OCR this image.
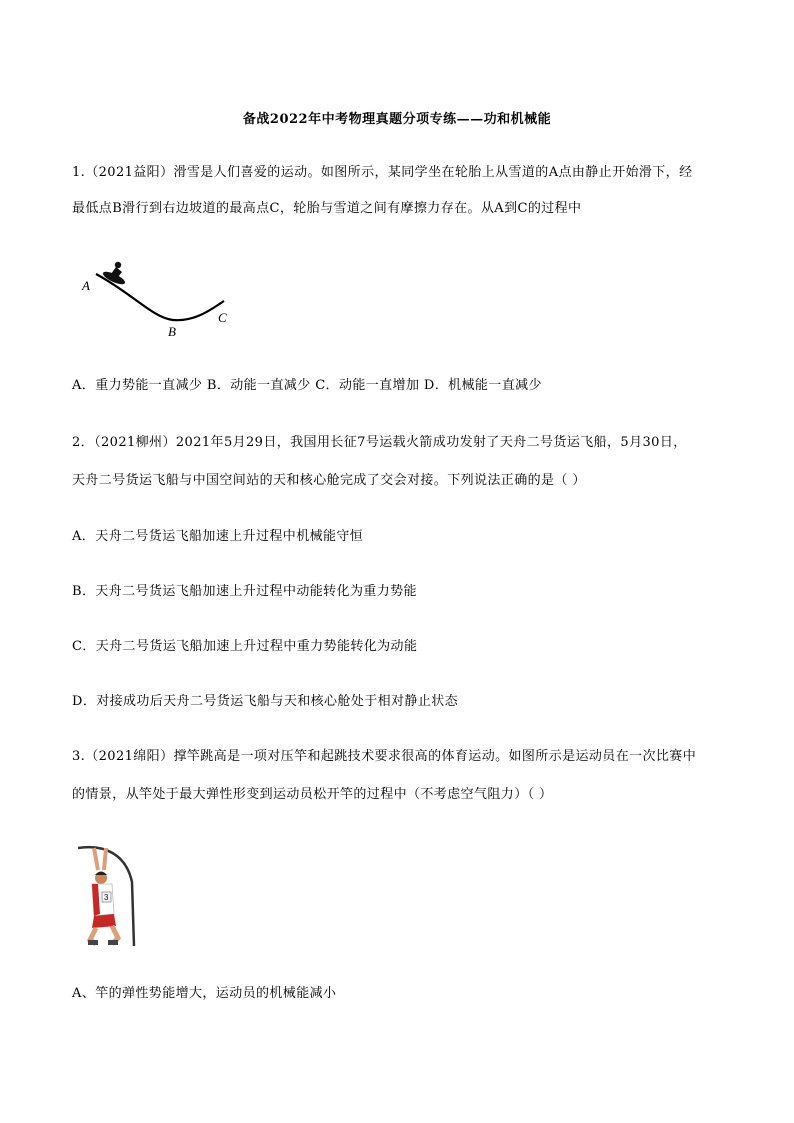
备战2022年中考物理真题分项专练——功和机械能
1.（2021益阳）滑雪是人们喜爱的运动。如图所示，某同学坐在轮胎上从雪道的A点由静止开始滑下，经
最低点B滑行到右边坡道的最高点C，轮胎与雪道之间有摩擦力存在。从A到C的过程中
A
B
C
A．重力势能一直减少 B．动能一直减少 C．动能一直增加 D．机械能一直减少
2．（2021柳州）2021年5月29日，我国用长征7号运载火箭成功发射了天舟二号货运飞船，5月30日，
天舟二号货运飞船与中国空间站的天和核心舱完成了交会对接。下列说法正确的是（ ）
A．天舟二号货运飞船加速上升过程中机械能守恒
B．天舟二号货运飞船加速上升过程中动能转化为重力势能
C．天舟二号货运飞船加速上升过程中重力势能转化为动能
D．对接成功后天舟二号货运飞船与天和核心舱处于相对静止状态
3.（2021绵阳）撑竿跳高是一项对压竿和起跳技术要求很高的体育运动。如图所示是运动员在一次比赛中
的情景，从竿处于最大弹性形变到运动员松开竿的过程中（不考虑空气阻力）（ ）
3
A、竿的弹性势能增大，运动员的机械能减小
